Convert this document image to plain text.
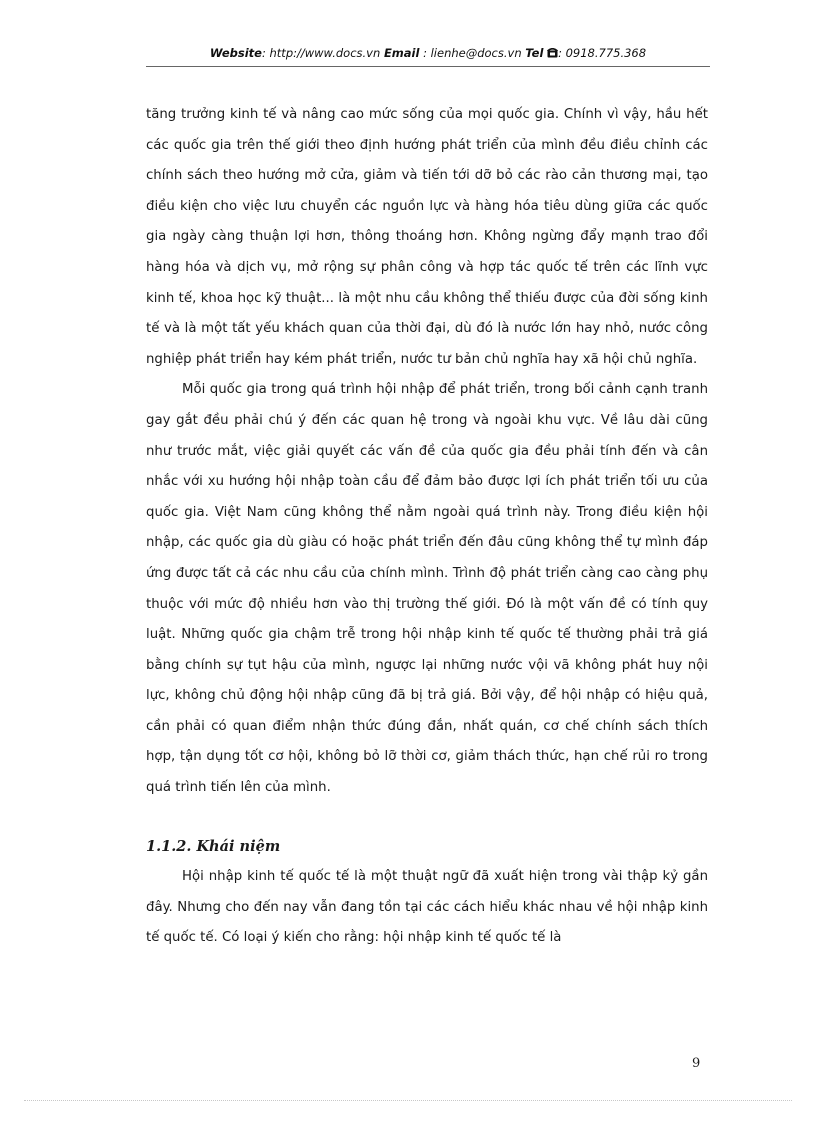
Website: http://www.docs.vn Email : lienhe@docs.vn Tel : 0918.775.368

tăng trưởng kinh tế và nâng cao mức sống của mọi quốc gia. Chính vì vậy, hầu hết các quốc gia trên thế giới theo định hướng phát triển của mình đều điều chỉnh các chính sách theo hướng mở cửa, giảm và tiến tới dỡ bỏ các rào cản thương mại, tạo điều kiện cho việc lưu chuyển các nguồn lực và hàng hóa tiêu dùng giữa các quốc gia ngày càng thuận lợi hơn, thông thoáng hơn. Không ngừng đẩy mạnh trao đổi hàng hóa và dịch vụ, mở rộng sự phân công và hợp tác quốc tế trên các lĩnh vực kinh tế, khoa học kỹ thuật... là một nhu cầu không thể thiếu được của đời sống kinh tế và là một tất yếu khách quan của thời đại, dù đó là nước lớn hay nhỏ, nước công nghiệp phát triển hay kém phát triển, nước tư bản chủ nghĩa hay xã hội chủ nghĩa.

Mỗi quốc gia trong quá trình hội nhập để phát triển, trong bối cảnh cạnh tranh gay gắt đều phải chú ý đến các quan hệ trong và ngoài khu vực. Về lâu dài cũng như trước mắt, việc giải quyết các vấn đề của quốc gia đều phải tính đến và cân nhắc với xu hướng hội nhập toàn cầu để đảm bảo được lợi ích phát triển tối ưu của quốc gia. Việt Nam cũng không thể nằm ngoài quá trình này. Trong điều kiện hội nhập, các quốc gia dù giàu có hoặc phát triển đến đâu cũng không thể tự mình đáp ứng được tất cả các nhu cầu của chính mình. Trình độ phát triển càng cao càng phụ thuộc với mức độ nhiều hơn vào thị trường thế giới. Đó là một vấn đề có tính quy luật. Những quốc gia chậm trễ trong hội nhập kinh tế quốc tế thường phải trả giá bằng chính sự tụt hậu của mình, ngược lại những nước vội vã không phát huy nội lực, không chủ động hội nhập cũng đã bị trả giá. Bởi vậy, để hội nhập có hiệu quả, cần phải có quan điểm nhận thức đúng đắn, nhất quán, cơ chế chính sách thích hợp, tận dụng tốt cơ hội, không bỏ lỡ thời cơ, giảm thách thức, hạn chế rủi ro trong quá trình tiến lên của mình.

1.1.2. Khái niệm

Hội nhập kinh tế quốc tế là một thuật ngữ đã xuất hiện trong vài thập kỷ gần đây. Nhưng cho đến nay vẫn đang tồn tại các cách hiểu khác nhau về hội nhập kinh tế quốc tế. Có loại ý kiến cho rằng: hội nhập kinh tế quốc tế là

9
